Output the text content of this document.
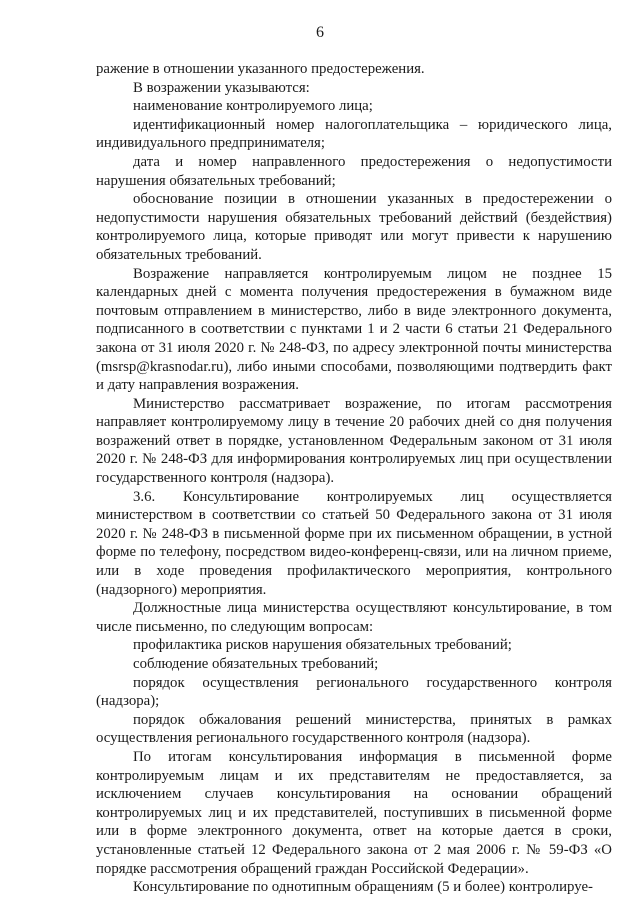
6

ражение в отношении указанного предостережения.

В возражении указываются:

наименование контролируемого лица;

идентификационный номер налогоплательщика – юридического лица, индивидуального предпринимателя;

дата и номер направленного предостережения о недопустимости нарушения обязательных требований;

обоснование позиции в отношении указанных в предостережении о недопустимости нарушения обязательных требований действий (бездействия) контролируемого лица, которые приводят или могут привести к нарушению обязательных требований.

Возражение направляется контролируемым лицом не позднее 15 календарных дней с момента получения предостережения в бумажном виде почтовым отправлением в министерство, либо в виде электронного документа, подписанного в соответствии с пунктами 1 и 2 части 6 статьи 21 Федерального закона от 31 июля 2020 г. № 248-ФЗ, по адресу электронной почты министерства (msrsp@krasnodar.ru), либо иными способами, позволяющими подтвердить факт и дату направления возражения.

Министерство рассматривает возражение, по итогам рассмотрения направляет контролируемому лицу в течение 20 рабочих дней со дня получения возражений ответ в порядке, установленном Федеральным законом от 31 июля 2020 г. № 248-ФЗ для информирования контролируемых лиц при осуществлении государственного контроля (надзора).

3.6. Консультирование контролируемых лиц осуществляется министерством в соответствии со статьей 50 Федерального закона от 31 июля 2020 г. № 248-ФЗ в письменной форме при их письменном обращении, в устной форме по телефону, посредством видео-конференц-связи, или на личном приеме, или в ходе проведения профилактического мероприятия, контрольного (надзорного) мероприятия.

Должностные лица министерства осуществляют консультирование, в том числе письменно, по следующим вопросам:

профилактика рисков нарушения обязательных требований;

соблюдение обязательных требований;

порядок осуществления регионального государственного контроля (надзора);

порядок обжалования решений министерства, принятых в рамках осуществления регионального государственного контроля (надзора).

По итогам консультирования информация в письменной форме контролируемым лицам и их представителям не предоставляется, за исключением случаев консультирования на основании обращений контролируемых лиц и их представителей, поступивших в письменной форме или в форме электронного документа, ответ на которые дается в сроки, установленные статьей 12 Федерального закона от 2 мая 2006 г. № 59-ФЗ «О порядке рассмотрения обращений граждан Российской Федерации».

Консультирование по однотипным обращениям (5 и более) контролируе-
